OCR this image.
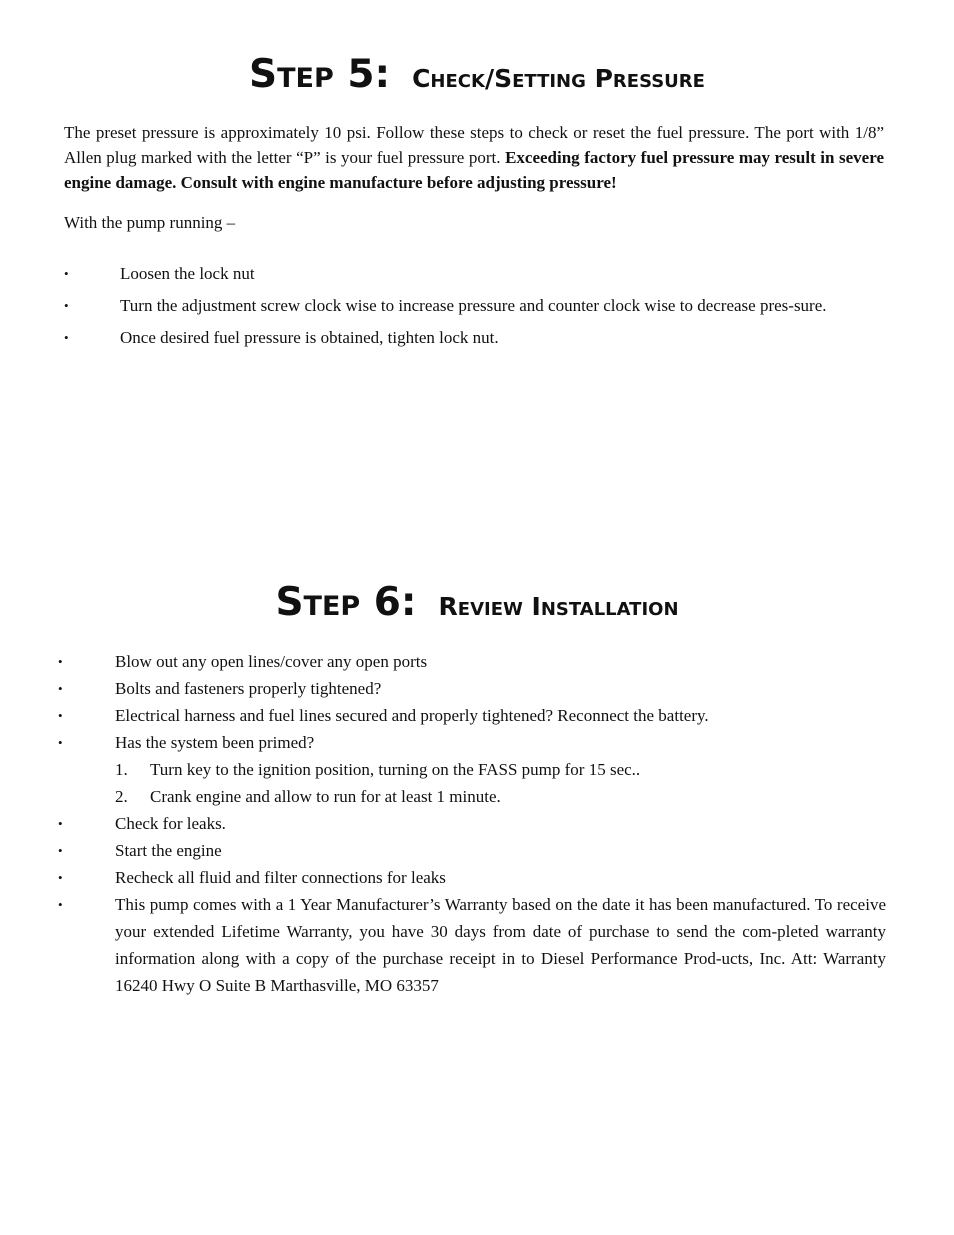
Step 5: Check/Setting Pressure
The preset pressure is approximately 10 psi. Follow these steps to check or reset the fuel pressure. The port with 1/8” Allen plug marked with the letter “P” is your fuel pressure port. Exceeding factory fuel pressure may result in severe engine damage. Consult with engine manufacture before adjusting pressure!
With the pump running –
• Loosen the lock nut
• Turn the adjustment screw clock wise to increase pressure and counter clock wise to decrease pres-sure.
• Once desired fuel pressure is obtained, tighten lock nut.
Step 6: Review Installation
• Blow out any open lines/cover any open ports
• Bolts and fasteners properly tightened?
• Electrical harness and fuel lines secured and properly tightened? Reconnect the battery.
• Has the system been primed?
1. Turn key to the ignition position, turning on the FASS pump for 15 sec..
2. Crank engine and allow to run for at least 1 minute.
• Check for leaks.
• Start the engine
• Recheck all fluid and filter connections for leaks
• This pump comes with a 1 Year Manufacturer’s Warranty based on the date it has been manufactured. To receive your extended Lifetime Warranty, you have 30 days from date of purchase to send the com-pleted warranty information along with a copy of the purchase receipt in to Diesel Performance Prod-ucts, Inc. Att: Warranty 16240 Hwy O Suite B Marthasville, MO 63357
